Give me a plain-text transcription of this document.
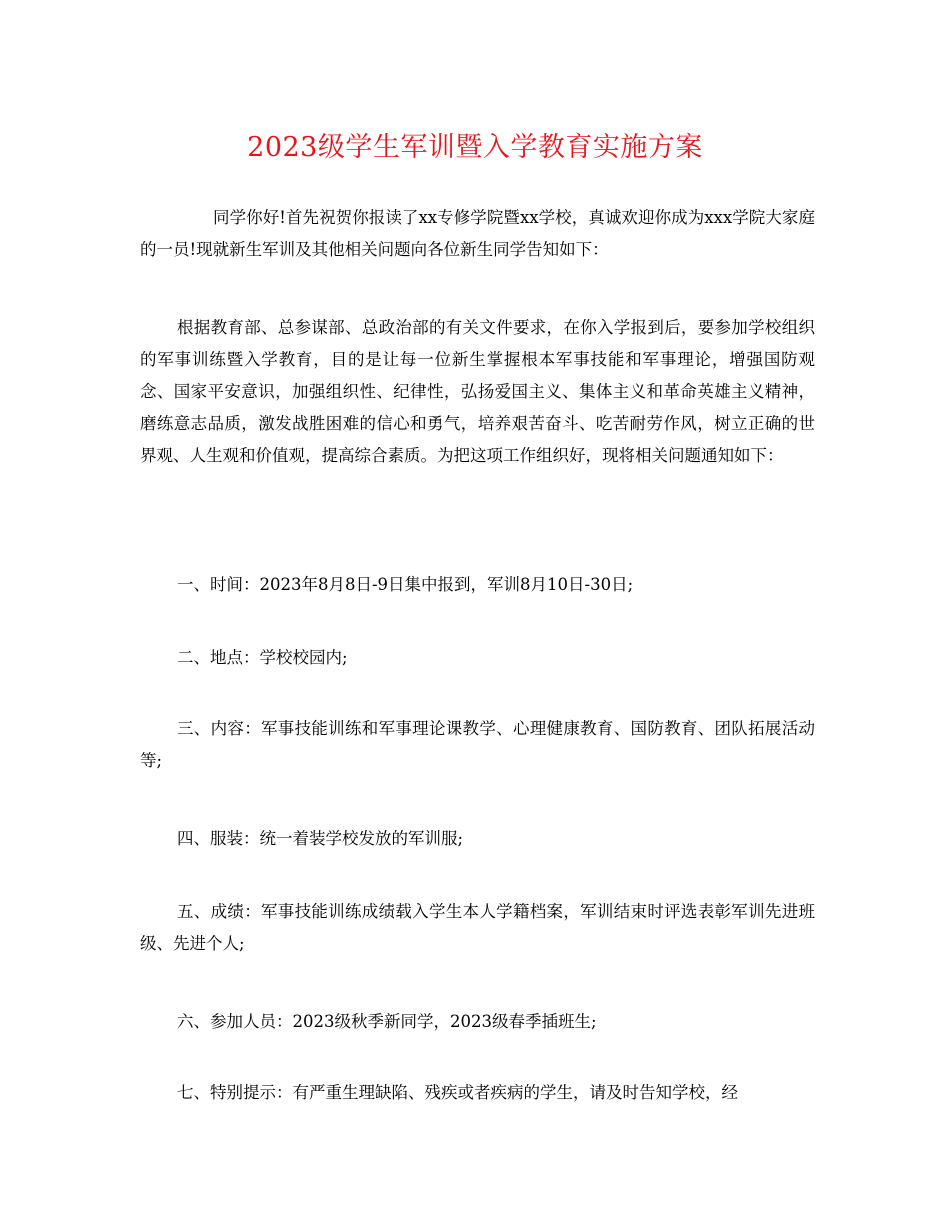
2023级学生军训暨入学教育实施方案

同学你好!首先祝贺你报读了xx专修学院暨xx学校，真诚欢迎你成为xxx学院大家庭的一员!现就新生军训及其他相关问题向各位新生同学告知如下：

根据教育部、总参谋部、总政治部的有关文件要求，在你入学报到后，要参加学校组织的军事训练暨入学教育，目的是让每一位新生掌握根本军事技能和军事理论，增强国防观念、国家平安意识，加强组织性、纪律性，弘扬爱国主义、集体主义和革命英雄主义精神，磨练意志品质，激发战胜困难的信心和勇气，培养艰苦奋斗、吃苦耐劳作风，树立正确的世界观、人生观和价值观，提高综合素质。为把这项工作组织好，现将相关问题通知如下：

一、时间：2023年8月8日-9日集中报到，军训8月10日-30日;

二、地点：学校校园内;

三、内容：军事技能训练和军事理论课教学、心理健康教育、国防教育、团队拓展活动等;

四、服装：统一着装学校发放的军训服;

五、成绩：军事技能训练成绩载入学生本人学籍档案，军训结束时评选表彰军训先进班级、先进个人;

六、参加人员：2023级秋季新同学，2023级春季插班生;

七、特别提示：有严重生理缺陷、残疾或者疾病的学生，请及时告知学校，经
